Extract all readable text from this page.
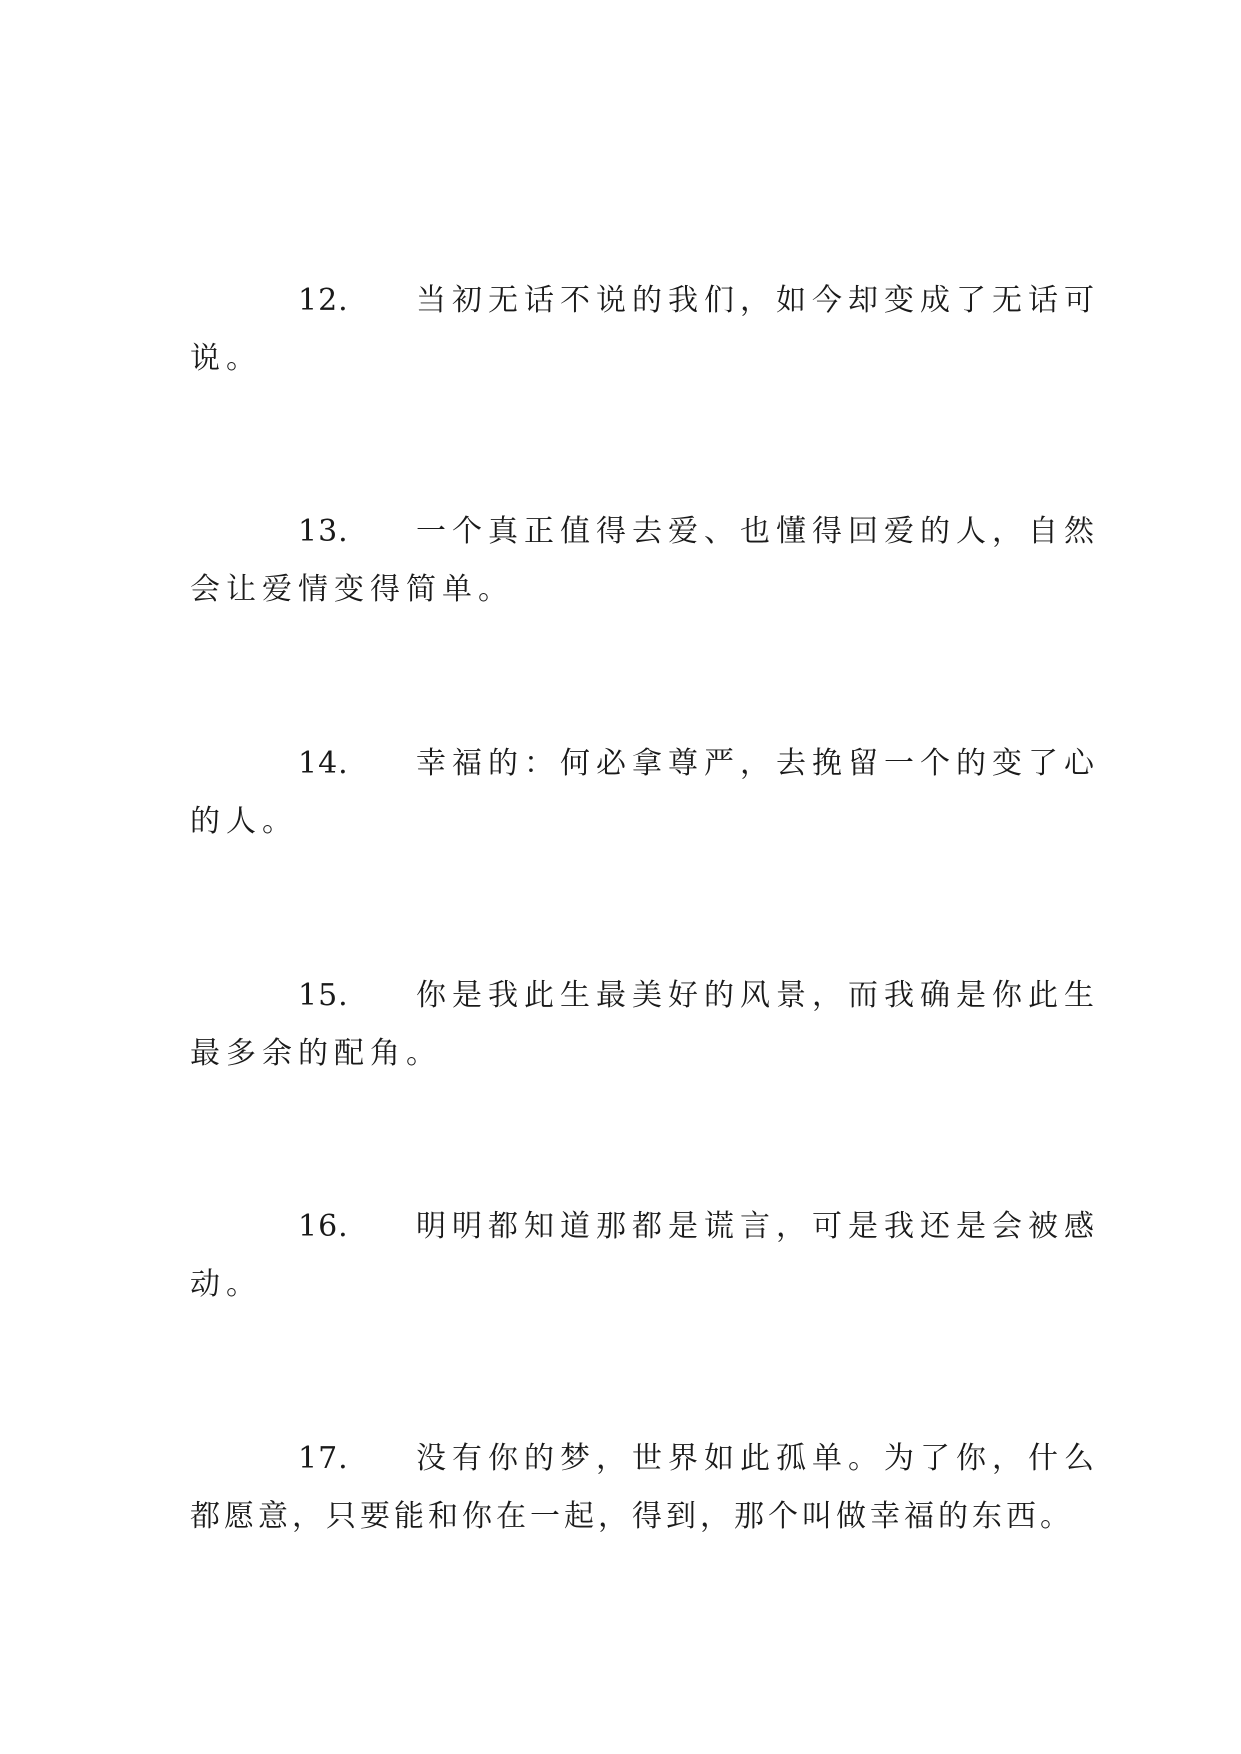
12. 当初无话不说的我们，如今却变成了无话可
说。
13. 一个真正值得去爱、也懂得回爱的人，自然
会让爱情变得简单。
14. 幸福的：何必拿尊严，去挽留一个的变了心
的人。
15. 你是我此生最美好的风景，而我确是你此生
最多余的配角。
16. 明明都知道那都是谎言，可是我还是会被感
动。
17. 没有你的梦，世界如此孤单。为了你，什么
都愿意，只要能和你在一起，得到，那个叫做幸福的东西。
